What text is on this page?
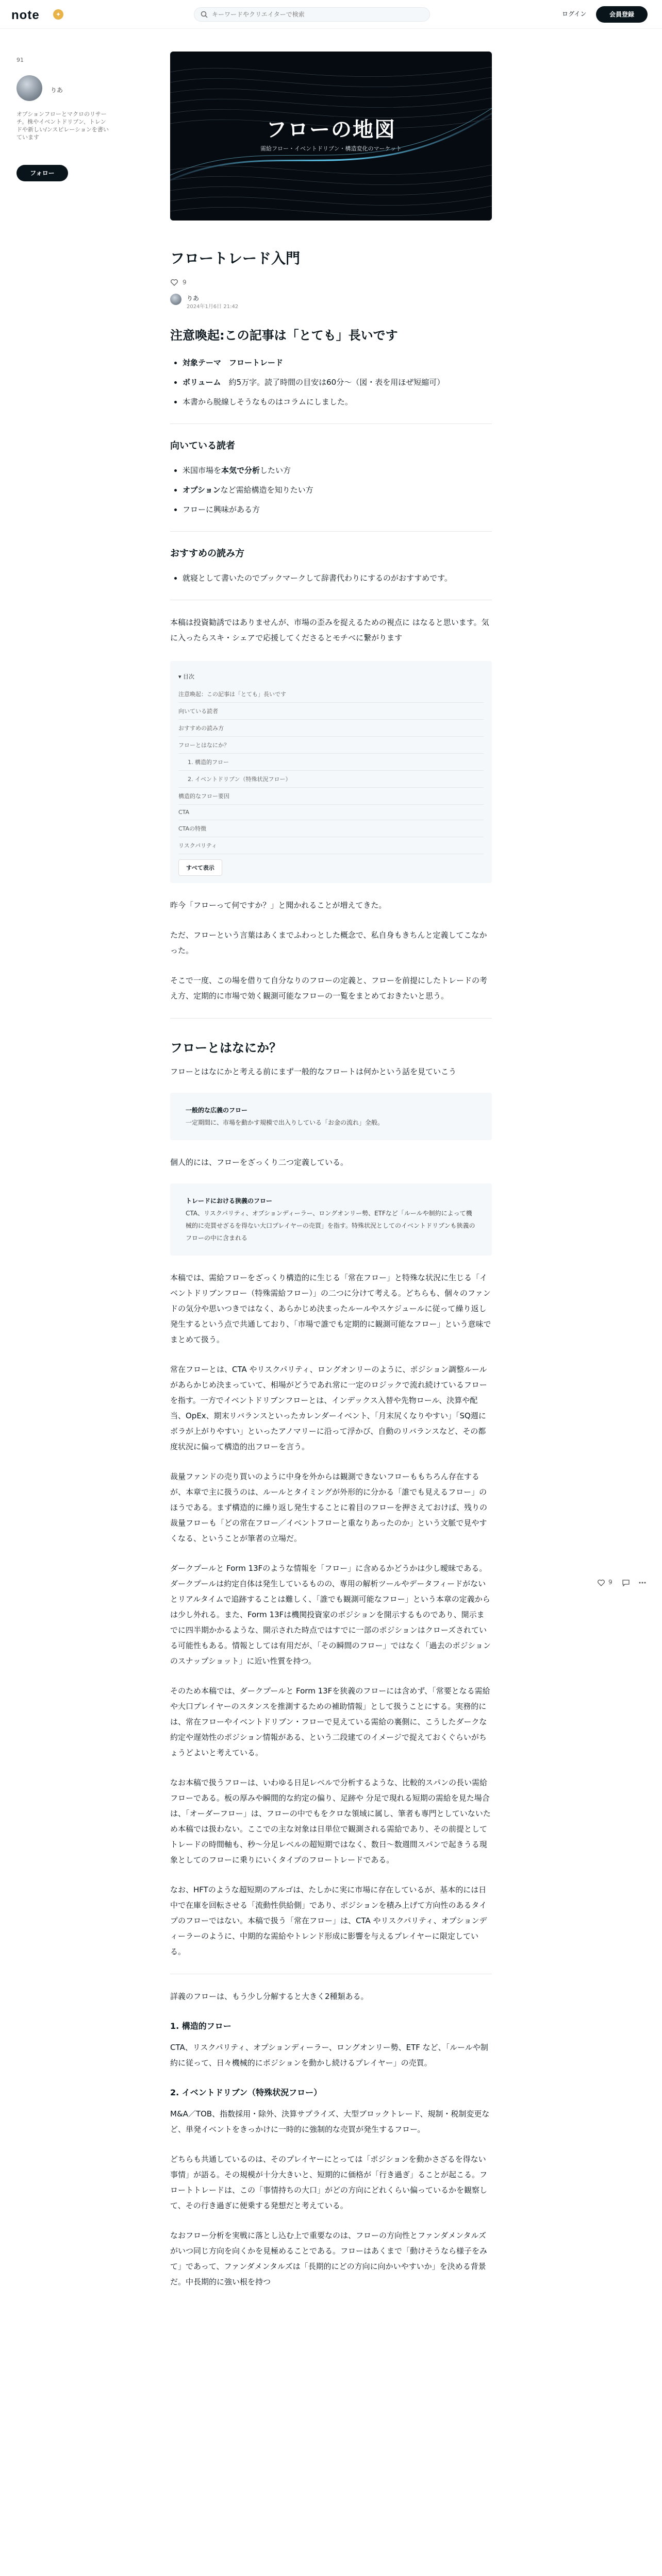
note	✦
キーワードやクリエイターで検索	ログイン	会員登録
91
りあ
オプションフローとマクロのリサーチ。株やイベントドリブン、トレンドや新しい/ンスピレーションを書いています
フォロー
9
フローの地図
需給フロー・イベントドリブン・構造変化のマーケット
フロートレード入門
9
りあ
2024年1月6日 21:42
注意喚起:この記事は「とても」長いです
• 対象テーマ　 フロートレード
• ボリューム　 約5万字。読了時間の目安は60分〜（図・表を用ほぜ短縮可）
• 本書から脱線しそうなものはコラムにしました。
向いている読者
• 米国市場を本気で分析したい方
• オプションなど需給構造を知りたい方
• フローに興味がある方
おすすめの読み方
• 就寝として書いたのでブックマークして辞書代わりにするのがおすすめです。

本稿は投資勧誘ではありませんが、市場の歪みを捉えるための視点に はなると思います。気に入ったらスキ・シェアで応援してくださるとモチベに繋がります

▾ 目次
注意喚起：この記事は「とても」長いです
向いている読者
おすすめの読み方
フローとはなにか？
1. 構造的フロー
2. イベントドリブン（特殊状況フロー）
構造的なフロー要因
CTA
CTAの特徴
リスクパリティ
すべて表示

昨今「フローって何ですか？」と聞かれることが増えてきた。

ただ、フローという言葉はあくまでふわっとした概念で、私自身もきちんと定義してこなかった。

そこで一度、この場を借りて自分なりのフローの定義と、フローを前提にしたトレードの考え方、定期的に市場で効く観測可能なフローの一覧をまとめておきたいと思う。

フローとはなにか？

フローとはなにかと考える前にまず一般的なフロートは何かという話を見ていこう

一般的な広義のフロー
一定期間に、市場を動かす規模で出入りしている「お金の流れ」全般。

個人的には、フローをざっくり二つ定義している。

トレードにおける狭義のフロー
CTA、リスクパリティ、オプションディーラー、ロングオンリー勢、ETFなど「ルールや制約によって機械的に売買せざるを得ない大口プレイヤーの売買」を指す。特殊状況としてのイベントドリブンも狭義のフローの中に含まれる

本稿では、需給フローをざっくり構造的に生じる「常在フロー」と特殊な状況に生じる「イベントドリブンフロー（特殊需給フロー）」の二つに分けて考える。どちらも、個々のファンドの気分や思いつきではなく、あらかじめ決まったルールやスケジュールに従って繰り返し発生するという点で共通しており、「市場で誰でも定期的に観測可能なフロー」という意味でまとめて扱う。

常在フローとは、CTA やリスクパリティ、ロングオンリーのように、ポジション調整ルールがあらかじめ決まっていて、相場がどうであれ常に一定のロジックで流れ続けているフローを指す。一方でイベントドリブンフローとは、インデックス入替や先物ロール、決算や配当、OpEx、期末リバランスといったカレンダーイベント、「月末尻くなりやすい」「SQ週にボラが上がりやすい」といったアノマリーに沿って浮かび、自動のリバランスなど、その都度状況に偏って構造的出フローを言う。

裁量ファンドの売り買いのように中身を外からは観測できないフローももちろん存在するが、本章で主に扱うのは、ルールとタイミングが外形的に分かる「誰でも見えるフロー」のほうである。まず構造的に繰り返し発生することに着目のフローを押さえておけば、残りの裁量フローも「どの常在フロー／イベントフローと重なりあったのか」という文脈で見やすくなる、ということが筆者の立場だ。

ダークプールと Form 13Fのような情報を「フロー」に含めるかどうかは少し曖昧である。ダークプールは約定自体は発生しているものの、専用の解析ツールやデータフィードがないとリアルタイムで追跡することは難しく、「誰でも観測可能なフロー」という本章の定義からは少し外れる。また、Form 13Fは機関投資家のポジションを開示するものであり、開示までに四半期かかるような、開示された時点ではすでに一部のポジションはクローズされている可能性もある。情報としては有用だが、「その瞬間のフロー」ではなく「過去のポジションのスナップショット」に近い性質を持つ。

そのため本稿では、ダークプールと Form 13Fを狭義のフローには含めず、「常要となる需給や大口プレイヤーのスタンスを推測するための補助情報」として扱うことにする。実務的には、常在フローやイベントドリブン・フローで見えている需給の裏側に、こうしたダークな約定や遅効性のポジション情報がある、という二段建てのイメージで捉えておくぐらいがちょうどよいと考えている。

なお本稿で扱うフローは、いわゆる日足レベルで分析するような、比較的スパンの長い需給フローである。板の厚みや瞬間的な約定の偏り、足跡や 分足で現れる短期の需給を見た場合は、「オーダーフロー」は、フローの中でもをクロな領域に属し、筆者も専門としていないため本稿では扱わない。ここでの主な対象は日単位で観測される需給であり、その前提としてトレードの時間軸も、秒〜分足レベルの超短期ではなく、数日〜数週間スパンで起きうる現象としてのフローに乗りにいくタイプのフロートレードである。

なお、HFTのような超短期のアルゴは、たしかに実に市場に存在しているが、基本的には日中で在庫を回転させる「流動性供給側」であり、ポジションを積み上げて方向性のあるタイプのフローではない。本稿で扱う「常在フロー」は、CTA やリスクパリティ、オプションディーラーのように、中期的な需給やトレンド形成に影響を与えるプレイヤーに限定している。

詳義のフローは、もう少し分解すると大きく2種類ある。

1. 構造的フロー

CTA、リスクパリティ、オプションディーラー、ロングオンリー勢、ETF など、「ルールや制約に従って、日々機械的にポジションを動かし続けるプレイヤー」の売買。

2. イベントドリブン（特殊状況フロー）

M&A／TOB、指数採用・除外、決算サプライズ、大型ブロックトレード、規制・税制変更など、単発イベントをきっかけに一時的に強制的な売買が発生するフロー。

どちらも共通しているのは、そのプレイヤーにとっては「ポジションを動かさざるを得ない事情」が語る。その規模が十分大きいと、短期的に価格が「行き過ぎ」ることが起こる。フロートトレードは、この「事情持ちの大口」がどの方向にどれくらい偏っているかを観察して、その行き過ぎに便乗する発想だと考えている。

なおフロー分析を実戦に落とし込む上で重要なのは、フローの方向性とファンダメンタルズがいつ同じ方向を向くかを見極めることである。フローはあくまで「動けそうなら様子をみて」であって、ファンダメンタルズは「長期的にどの方向に向かいやすいか」を決める背景だ。中長期的に強い根を持つ
